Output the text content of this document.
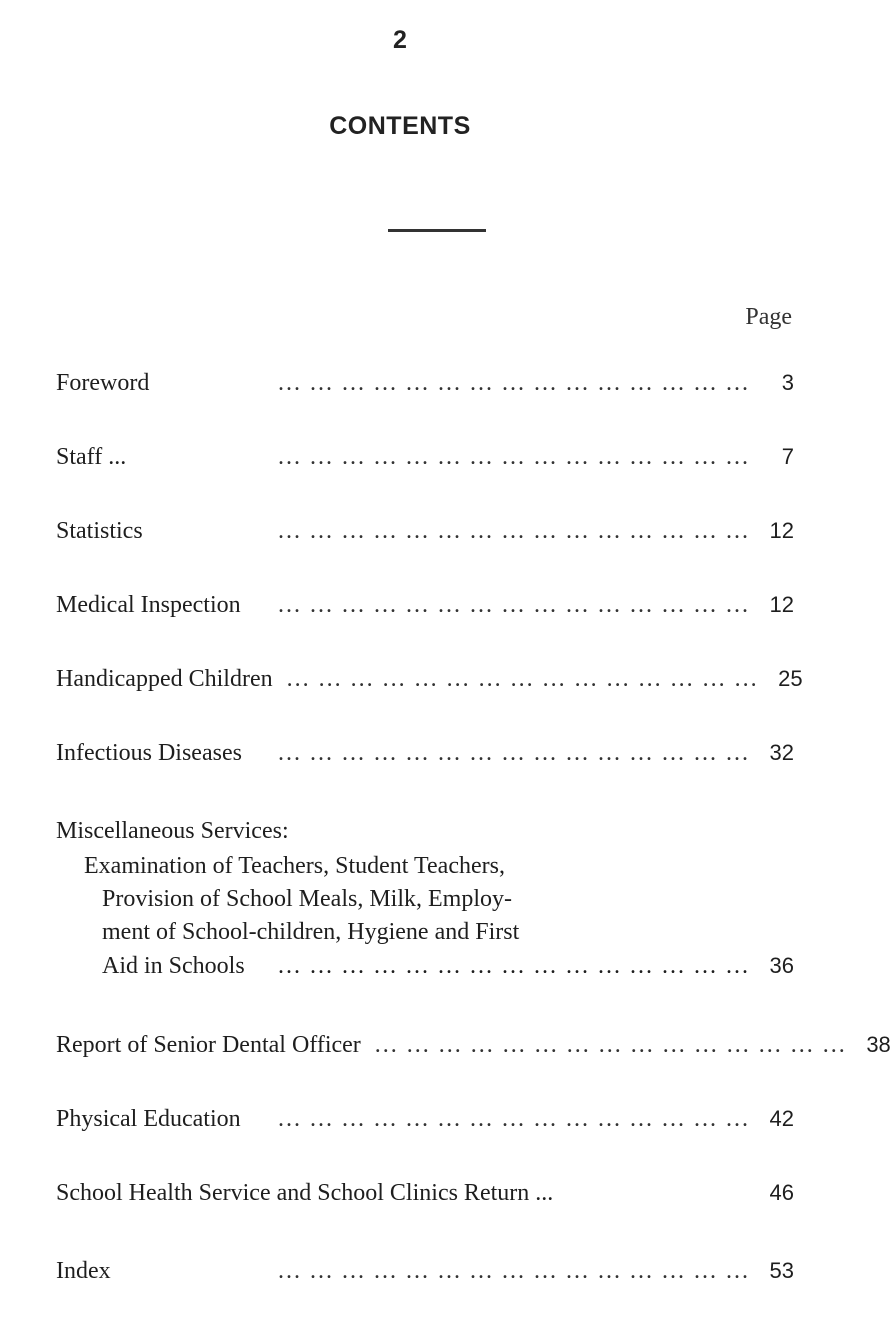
2
CONTENTS
Page
Foreword	... ... ... ... ... ... ... ... ... ... ... ... ... ... ...	3
Staff ...	... ... ... ... ... ... ... ... ... ... ... ... ... ... ...	7
Statistics	... ... ... ... ... ... ... ... ... ... ... ... ... ... ... 12
Medical Inspection	... ... ... ... ... ... ... ... ... ... ... ... ... ... ... 12
Handicapped Children ... ... ... ... ... ... ... ... ... ... ... ... ... ... ... 25
Infectious Diseases	... ... ... ... ... ... ... ... ... ... ... ... ... ... ... 32
Miscellaneous Services:
Examination of Teachers, Student Teachers,
Provision of School Meals, Milk, Employ-
ment of School-children, Hygiene and First
Aid in Schools	... ... ... ... ... ... ... ... ... ... ... ... ... ... ... 36
Report of Senior Dental Officer ... ... ... ... ... ... ... ... ... ... ... ... ... ... ... 38
Physical Education	... ... ... ... ... ... ... ... ... ... ... ... ... ... ... 42
School Health Service and School Clinics Return ...	46
Index	... ... ... ... ... ... ... ... ... ... ... ... ... ... ... 53
